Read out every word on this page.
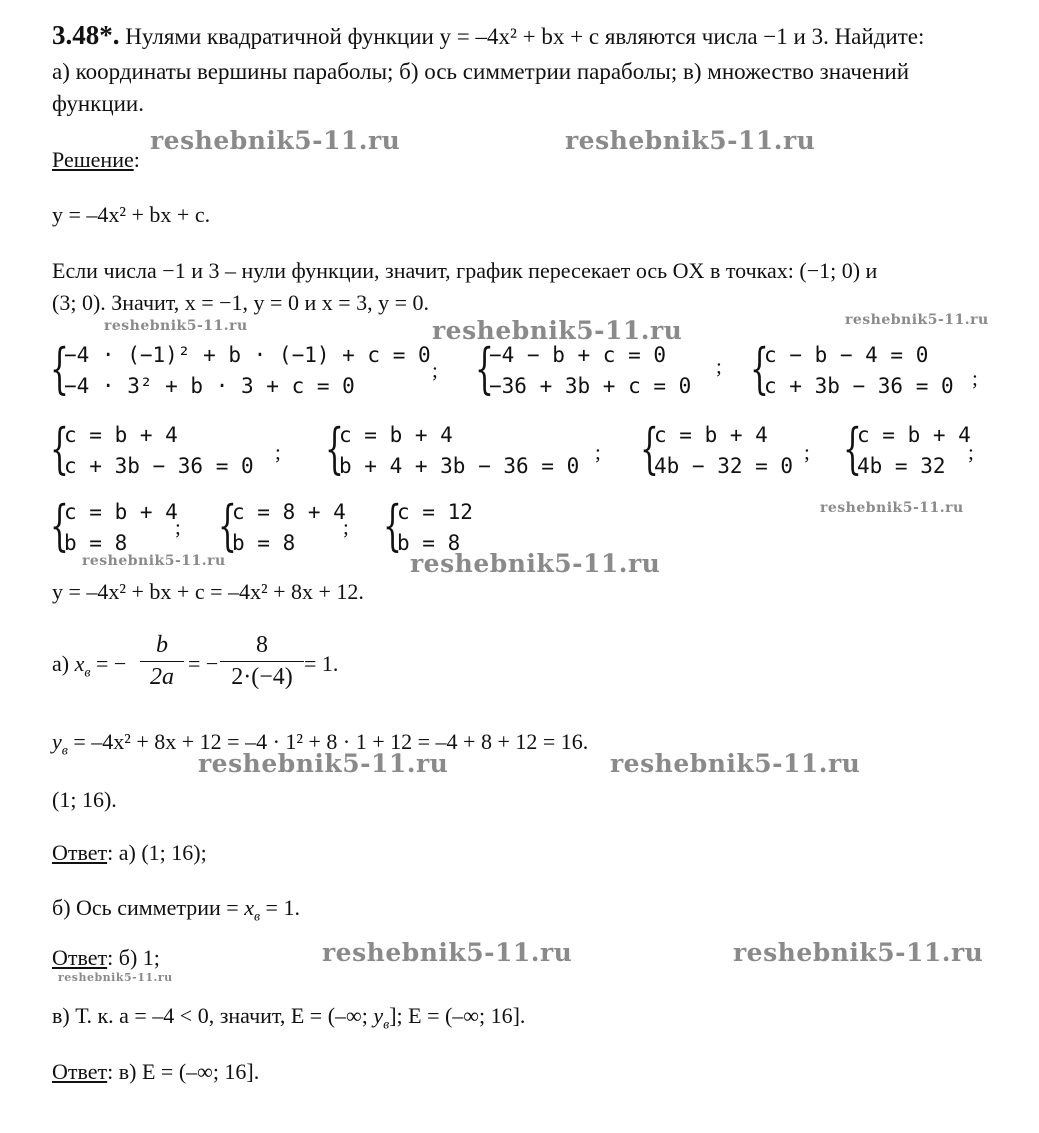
3.48*. Нулями квадратичной функции y = –4x² + bx + c являются числа −1 и 3. Найдите:
а) координаты вершины параболы; б) ось симметрии параболы; в) множество значений
функции.
Решение:
reshebnik5-11.ru	reshebnik5-11.ru
reshebnik5-11.ru	reshebnik5-11.ru	reshebnik5-11.ru
reshebnik5-11.ru
reshebnik5-11.ru	reshebnik5-11.ru
reshebnik5-11.ru	reshebnik5-11.ru
reshebnik5-11.ru	reshebnik5-11.ru
reshebnik5-11.ru
y = –4x² + bx + c.
Если числа −1 и 3 – нули функции, значит, график пересекает ось OX в точках: (−1; 0) и
(3; 0). Значит, x = −1, y = 0 и x = 3, y = 0.
{
−4 · (−1)² + b · (−1) + c = 0
−4 · 3² + b · 3 + c = 0
; {
−4 − b + c = 0
−36 + 3b + c = 0
; {
c − b − 4 = 0
c + 3b − 36 = 0 ;
{
c = b + 4
c + 3b − 36 = 0
; {
c = b + 4
b + 4 + 3b − 36 = 0
; {
c = b + 4
4b − 32 = 0
; {
c = b + 4
4b = 32
;
{
c = b + 4
b = 8
; {
c = 8 + 4
b = 8
; {
c = 12
b = 8
y = –4x² + bx + c = –4x² + 8x + 12.
а) $x_в$ = − $\frac{b}{2a}$ = − $\frac{8}{2\cdot(-4)} = 1$.
$y_в = -4x^2 + 8x + 12 = -4 \cdot 1^2 + 8 \cdot 1 + 12 = -4 + 8 + 12 = 16$.
(1; 16).
Ответ: а) (1; 16);
б) Ось симметрии = $x_в = 1$.
Ответ: б) 1;
в) Т. к. a = –4 < 0, значит, E = (–∞; $y_в$]; E = (–∞; 16].
Ответ: в) E = (–∞; 16].
